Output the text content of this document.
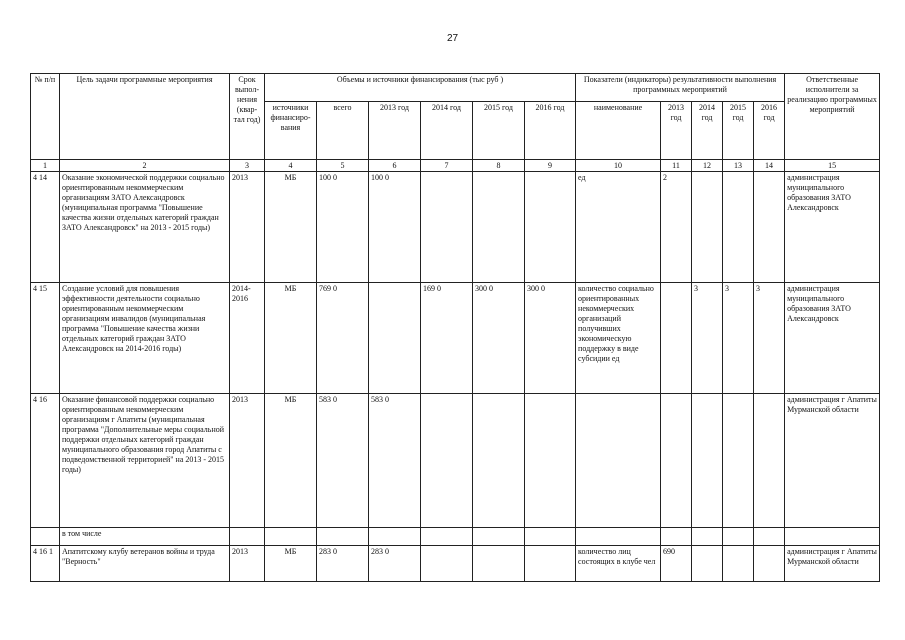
27
№ п/п	Цель задачи программные мероприятия	Срок выпол-нения (квар-тал год)	Объемы и источники финансирования (тыс руб )						Показатели (индикаторы) результативности выполнения программных мероприятий					Ответственные исполнители за реализацию программных мероприятий
			источники финансиро-вания	всего	2013 год	2014 год	2015 год	2016 год	наименование	2013 год	2014 год	2015 год	2016 год	
1	2	3	4	5	6	7	8	9	10	11	12	13	14	15
4 14	Оказание экономической поддержки социально ориентированным некоммерческим организациям ЗАТО Александровск (муниципальная программа "Повышение качества жизни отдельных категорий граждан ЗАТО Александровск" на 2013 - 2015 годы)	2013	МБ	100 0	100 0				ед	2				администрация муниципального образования ЗАТО Александровск
4 15	Создание условий для повышения эффективности деятельности социально ориентированным некоммерческим организациям инвалидов (муниципальная программа "Повышение качества жизни отдельных категорий граждан ЗАТО Александровск на 2014-2016 годы)	2014-2016	МБ	769 0		169 0	300 0	300 0	количество социально ориентированных некоммерческих организаций получивших экономическую поддержку в виде субсидии ед		3	3	3	администрация муниципального образования ЗАТО Александровск
4 16	Оказание финансовой поддержки социально ориентированным некоммерческим организациям г Апатиты (муниципальная программа "Дополнительные меры социальной поддержки отдельных категорий граждан муниципального образования город Апатиты с подведомственной территорией" на 2013 - 2015 годы)	2013	МБ	583 0	583 0									администрация г Апатиты Мурманской области
	в том числе													
4 16 1	Апатитскому клубу ветеранов войны и труда "Верность"	2013	МБ	283 0	283 0				количество лиц состоящих в клубе чел	690				администрация г Апатиты Мурманской области
